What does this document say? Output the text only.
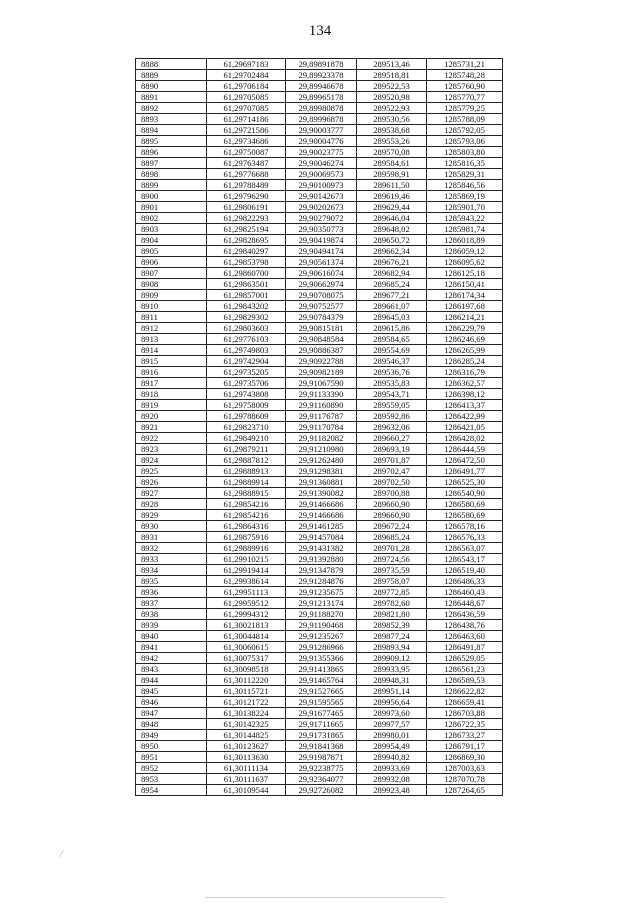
134
8888	61,29697183	29,89891878	289513,46	1285731,21
8889	61,29702484	29,89923378	289518,81	1285748,28
8890	61,29706184	29,89946678	289522,53	1285760,90
8891	61,29705085	29,89965178	289520,98	1285770,77
8892	61,29707085	29,89980878	289522,93	1285779,25
8893	61,29714186	29,89996878	289530,56	1285788,09
8894	61,29721586	29,90003777	289538,68	1285792,05
8895	61,29734686	29,90004776	289553,26	1285793,06
8896	61,29750087	29,90023775	289570,08	1285803,80
8897	61,29763487	29,90046274	289584,61	1285816,35
8898	61,29776688	29,90069573	289598,91	1285829,31
8899	61,29788489	29,90100973	289611,50	1285846,56
8900	61,29796290	29,90142673	289619,46	1285869,19
8901	61,29806191	29,90202673	289629,44	1285901,70
8902	61,29822293	29,90279072	289646,04	1285943,22
8903	61,29825194	29,90350773	289648,02	1285981,74
8904	61,29828695	29,90419874	289650,72	1286018,89
8905	61,29840297	29,90494174	289662,34	1286059,12
8906	61,29853798	29,90561374	289676,21	1286095,62
8907	61,29860700	29,90616074	289682,94	1286125,18
8908	61,29863501	29,90662974	289685,24	1286150,41
8909	61,29857001	29,90708075	289677,21	1286174,34
8910	61,29843202	29,90752577	289661,07	1286197,68
8911	61,29829302	29,90784379	289645,03	1286214,21
8912	61,29803603	29,90815181	289615,86	1286229,79
8913	61,29776103	29,90848584	289584,65	1286246,69
8914	61,29749803	29,90886387	289554,69	1286265,99
8915	61,29742904	29,90922788	289546,37	1286285,24
8916	61,29735205	29,90982189	289536,76	1286316,79
8917	61,29735706	29,91067590	289535,83	1286362,57
8918	61,29743808	29,91133390	289543,71	1286398,12
8919	61,29758009	29,91160890	289559,05	1286413,37
8920	61,29788609	29,91176787	289592,86	1286422,99
8921	61,29823710	29,91170784	289632,06	1286421,05
8922	61,29849210	29,91182082	289660,27	1286428,02
8923	61,29879211	29,91210980	289693,19	1286444,59
8924	61,29887812	29,91262480	289701,87	1286472,50
8925	61,29888913	29,91298381	289702,47	1286491,77
8926	61,29889914	29,91360881	289702,50	1286525,30
8927	61,29888915	29,91390082	289700,88	1286540,90
8928	61,29854216	29,91466686	289660,90	1286580,69
8929	61,29854216	29,91466686	289660,90	1286580,69
8930	61,29864316	29,91461285	289672,24	1286578,16
8931	61,29875916	29,91457084	289685,24	1286576,33
8932	61,29889916	29,91431382	289701,28	1286563,07
8933	61,29910215	29,91392880	289724,56	1286543,17
8934	61,29919414	29,91347879	289735,59	1286519,40
8935	61,29938614	29,91284876	289758,07	1286486,33
8936	61,29951113	29,91235675	289772,85	1286460,43
8937	61,29959512	29,91213174	289782,60	1286448,67
8938	61,29994312	29,91188270	289821,80	1286436,59
8939	61,30021813	29,91190468	289852,39	1286438,76
8940	61,30044814	29,91235267	289877,24	1286463,60
8941	61,30060615	29,91286966	289893,94	1286491,87
8942	61,30075317	29,91355366	289909,12	1286529,05
8943	61,30098518	29,91413865	289933,95	1286561,23
8944	61,30112220	29,91465764	289948,31	1286589,53
8945	61,30115721	29,91527665	289951,14	1286622,82
8946	61,30121722	29,91595565	289956,64	1286659,41
8947	61,30138224	29,91677465	289973,60	1286703,88
8948	61,30142325	29,91711665	289977,57	1286722,35
8949	61,30144825	29,91731865	289980,01	1286733,27
8950	61,30123627	29,91841368	289954,49	1286791,17
8951	61,30113630	29,91987871	289940,82	1286869,30
8952	61,30111134	29,92238775	289933,69	1287003,63
8953	61,30111637	29,92364077	289932,08	1287070,78
8954	61,30109544	29,92726082	289923,48	1287264,65
